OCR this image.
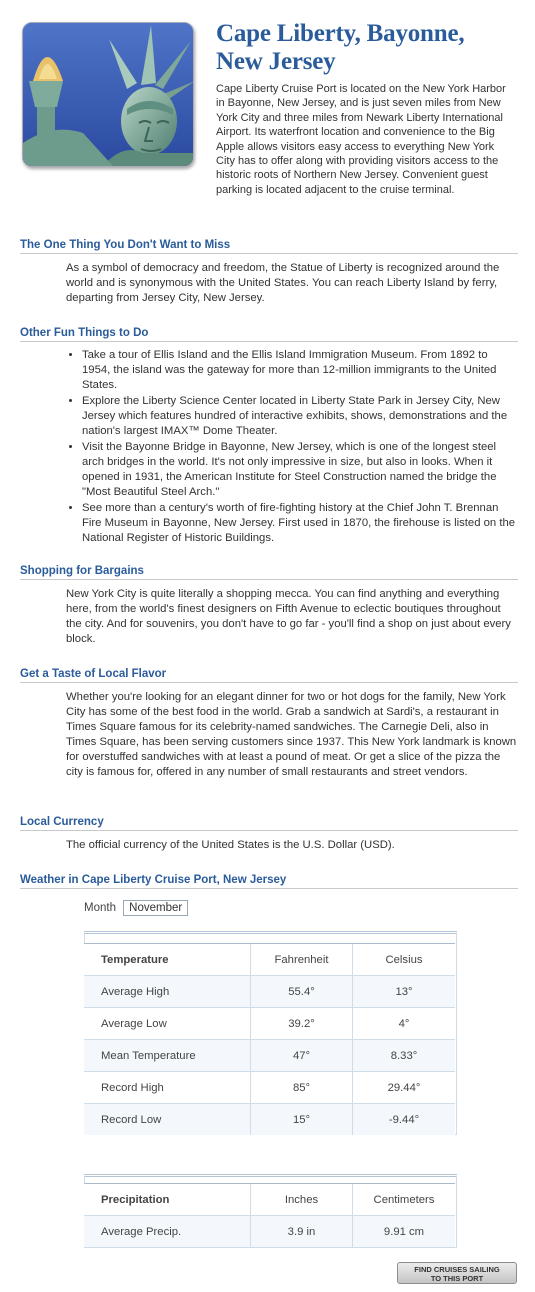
Cape Liberty, Bayonne,
New Jersey

Cape Liberty Cruise Port is located on the New York Harbor in Bayonne, New Jersey, and is just seven miles from New York City and three miles from Newark Liberty International Airport. Its waterfront location and convenience to the Big Apple allows visitors easy access to everything New York City has to offer along with providing visitors access to the historic roots of Northern New Jersey. Convenient guest parking is located adjacent to the cruise terminal.

The One Thing You Don't Want to Miss

As a symbol of democracy and freedom, the Statue of Liberty is recognized around the world and is synonymous with the United States. You can reach Liberty Island by ferry, departing from Jersey City, New Jersey.

Other Fun Things to Do
• Take a tour of Ellis Island and the Ellis Island Immigration Museum. From 1892 to 1954, the island was the gateway for more than 12-million immigrants to the United States.
• Explore the Liberty Science Center located in Liberty State Park in Jersey City, New Jersey which features hundred of interactive exhibits, shows, demonstrations and the nation's largest IMAX™ Dome Theater.
• Visit the Bayonne Bridge in Bayonne, New Jersey, which is one of the longest steel arch bridges in the world. It's not only impressive in size, but also in looks. When it opened in 1931, the American Institute for Steel Construction named the bridge the "Most Beautiful Steel Arch."
• See more than a century's worth of fire-fighting history at the Chief John T. Brennan Fire Museum in Bayonne, New Jersey. First used in 1870, the firehouse is listed on the National Register of Historic Buildings.
Shopping for Bargains

New York City is quite literally a shopping mecca. You can find anything and everything here, from the world's finest designers on Fifth Avenue to eclectic boutiques throughout the city. And for souvenirs, you don't have to go far - you'll find a shop on just about every block.

Get a Taste of Local Flavor

Whether you're looking for an elegant dinner for two or hot dogs for the family, New York City has some of the best food in the world. Grab a sandwich at Sardi's, a restaurant in Times Square famous for its celebrity-named sandwiches. The Carnegie Deli, also in Times Square, has been serving customers since 1937. This New York landmark is known for overstuffed sandwiches with at least a pound of meat. Or get a slice of the pizza the city is famous for, offered in any number of small restaurants and street vendors.

Local Currency

The official currency of the United States is the U.S. Dollar (USD).

Weather in Cape Liberty Cruise Port, New Jersey
Month November
Temperature	Fahrenheit	Celsius
Average High	55.4°	13°
Average Low	39.2°	4°
Mean Temperature	47°	8.33°
Record High	85°	29.44°
Record Low	15°	-9.44°
Precipitation	Inches	Centimeters
Average Precip.	3.9 in	9.91 cm
FIND CRUISES SAILING
TO THIS PORT
